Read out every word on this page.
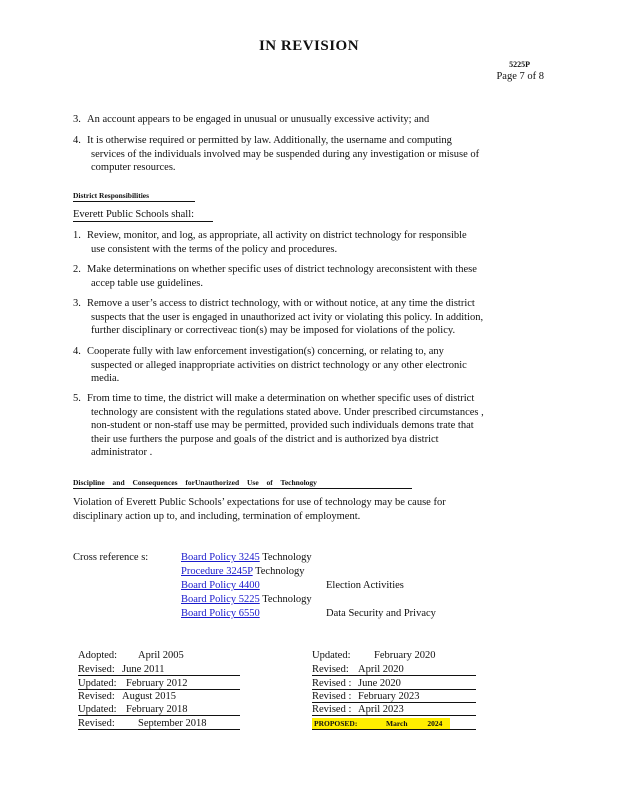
IN REVISION
5225P
Page 7 of 8
3. An account appears to be engaged in unusual or unusually excessive activity; and
4. It is otherwise required or permitted by law. Additionally, the username and computing
services of the individuals involved may be suspended during any investigation or misuse of
computer resources.
District Responsibilities
Everett Public Schools shall:
1. Review, monitor, and log, as appropriate, all activity on district technology for responsible
use consistent with the terms of the policy and procedures.
2. Make determinations on whether specific uses of district technology areconsistent with these
accep table use guidelines.
3. Remove a user’s access to district technology, with or without notice, at any time the district
suspects that the user is engaged in unauthorized act ivity or violating this policy. In addition,
further disciplinary or correctiveac tion(s) may be imposed for violations of the policy.
4. Cooperate fully with law enforcement investigation(s) concerning, or relating to, any
suspected or alleged inappropriate activities on district technology or any other electronic
media.
5. From time to time, the district will make a determination on whether specific uses of district
technology are consistent with the regulations stated above. Under prescribed circumstances ,
non-student or non-staff use may be permitted, provided such individuals demons trate that
their use furthers the purpose and goals of the district and is authorized bya district
administrator .
Discipline and Consequences forUnauthorized Use of Technology
Violation of Everett Public Schools’ expectations for use of technology may be cause for
disciplinary action up to, and including, termination of employment.
Cross reference s:	Board Policy 3245 Technology
Procedure 3245P Technology
Board Policy 4400	Election Activities
Board Policy 5225 Technology
Board Policy 6550	Data Security and Privacy
Adopted: April 2005
Revised: June 2011
Updated: February 2012
Revised: August 2015
Updated: February 2018
Revised: September 2018
Updated: February 2020
Revised: April 2020
Revised : June 2020
Revised : February 2023
Revised : April 2023
PROPOSED:	March 2024
